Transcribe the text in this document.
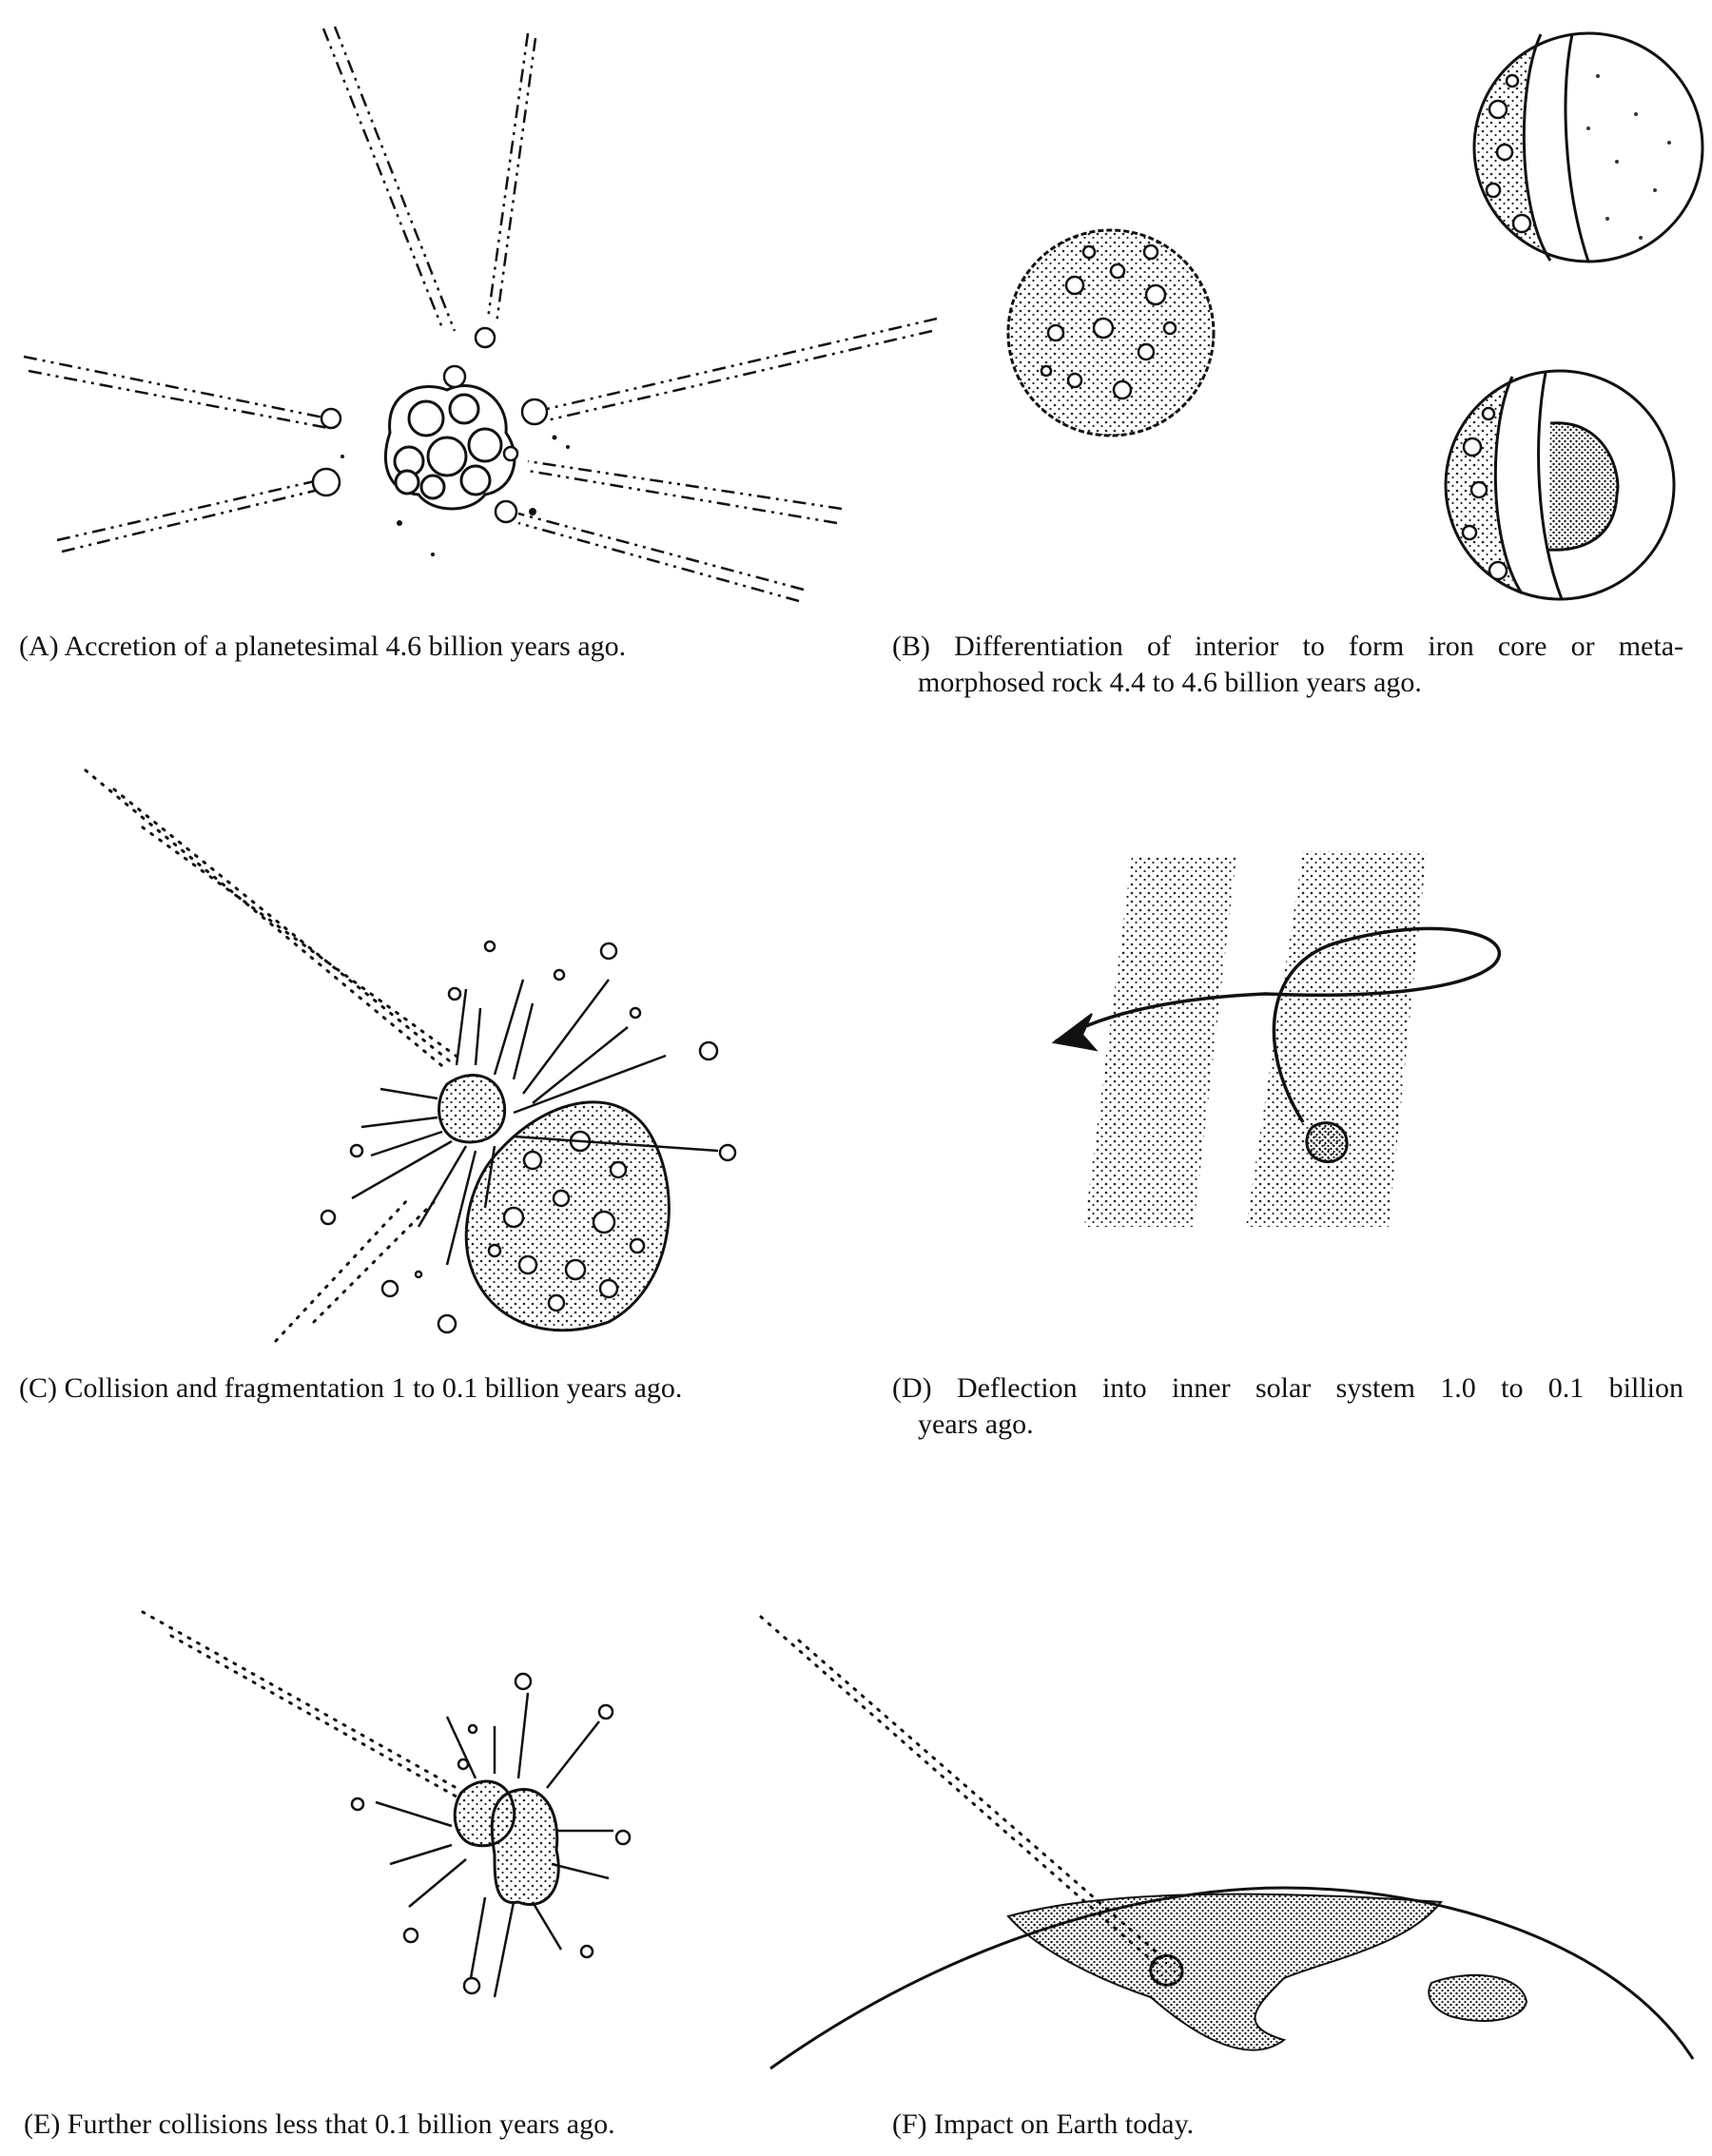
(A) Accretion of a planetesimal 4.6 billion years ago.	(B) Differentiation of interior to form iron core or meta-
morphosed rock 4.4 to 4.6 billion years ago.
(C) Collision and fragmentation 1 to 0.1 billion years ago.	(D) Deflection into inner solar system 1.0 to 0.1 billion
years ago.
(E) Further collisions less that 0.1 billion years ago.	(F) Impact on Earth today.
